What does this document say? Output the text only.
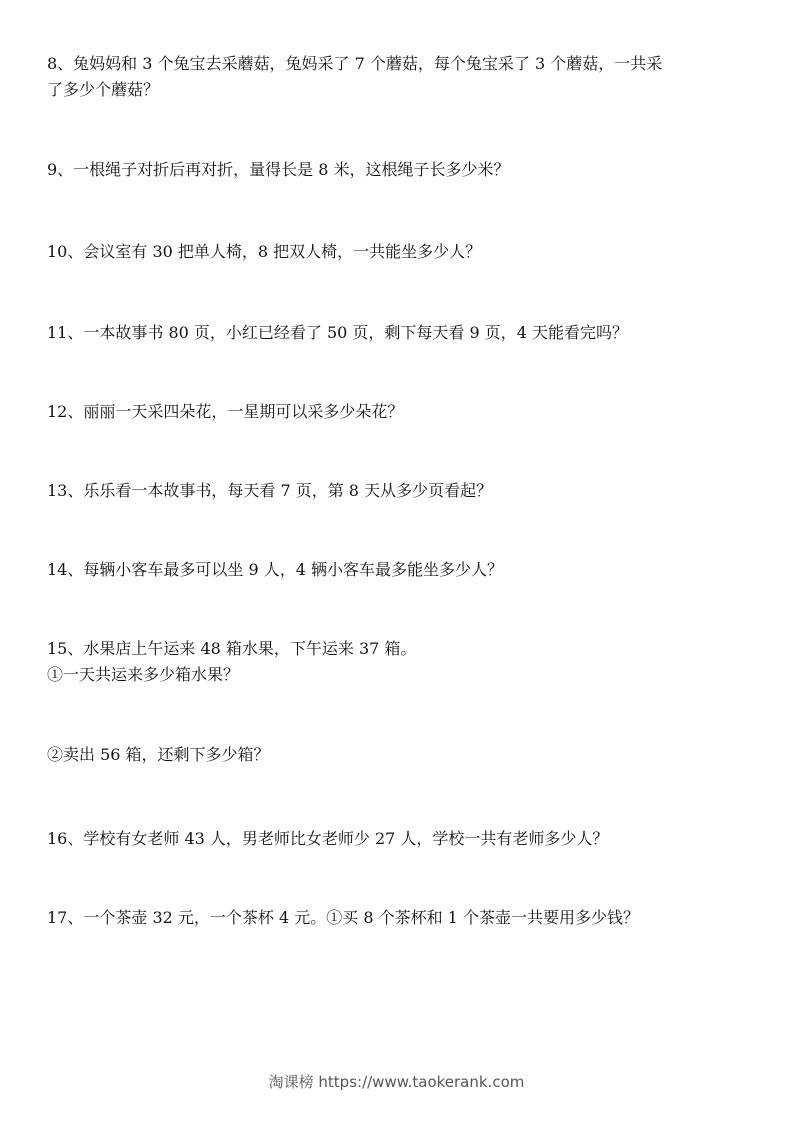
8、兔妈妈和 3 个兔宝去采蘑菇，兔妈采了 7 个蘑菇，每个兔宝采了 3 个蘑菇，一共采
了多少个蘑菇？
9、一根绳子对折后再对折，量得长是 8 米，这根绳子长多少米？
10、会议室有 30 把单人椅，8 把双人椅，一共能坐多少人？
11、一本故事书 80 页，小红已经看了 50 页，剩下每天看 9 页，4 天能看完吗？
12、丽丽一天采四朵花，一星期可以采多少朵花？
13、乐乐看一本故事书，每天看 7 页，第 8 天从多少页看起？
14、每辆小客车最多可以坐 9 人，4 辆小客车最多能坐多少人？
15、水果店上午运来 48 箱水果，下午运来 37 箱。
①一天共运来多少箱水果？
②卖出 56 箱，还剩下多少箱？
16、学校有女老师 43 人，男老师比女老师少 27 人，学校一共有老师多少人？
17、一个茶壶 32 元，一个茶杯 4 元。①买 8 个茶杯和 1 个茶壶一共要用多少钱？
淘课榜 https://www.taokerank.com
